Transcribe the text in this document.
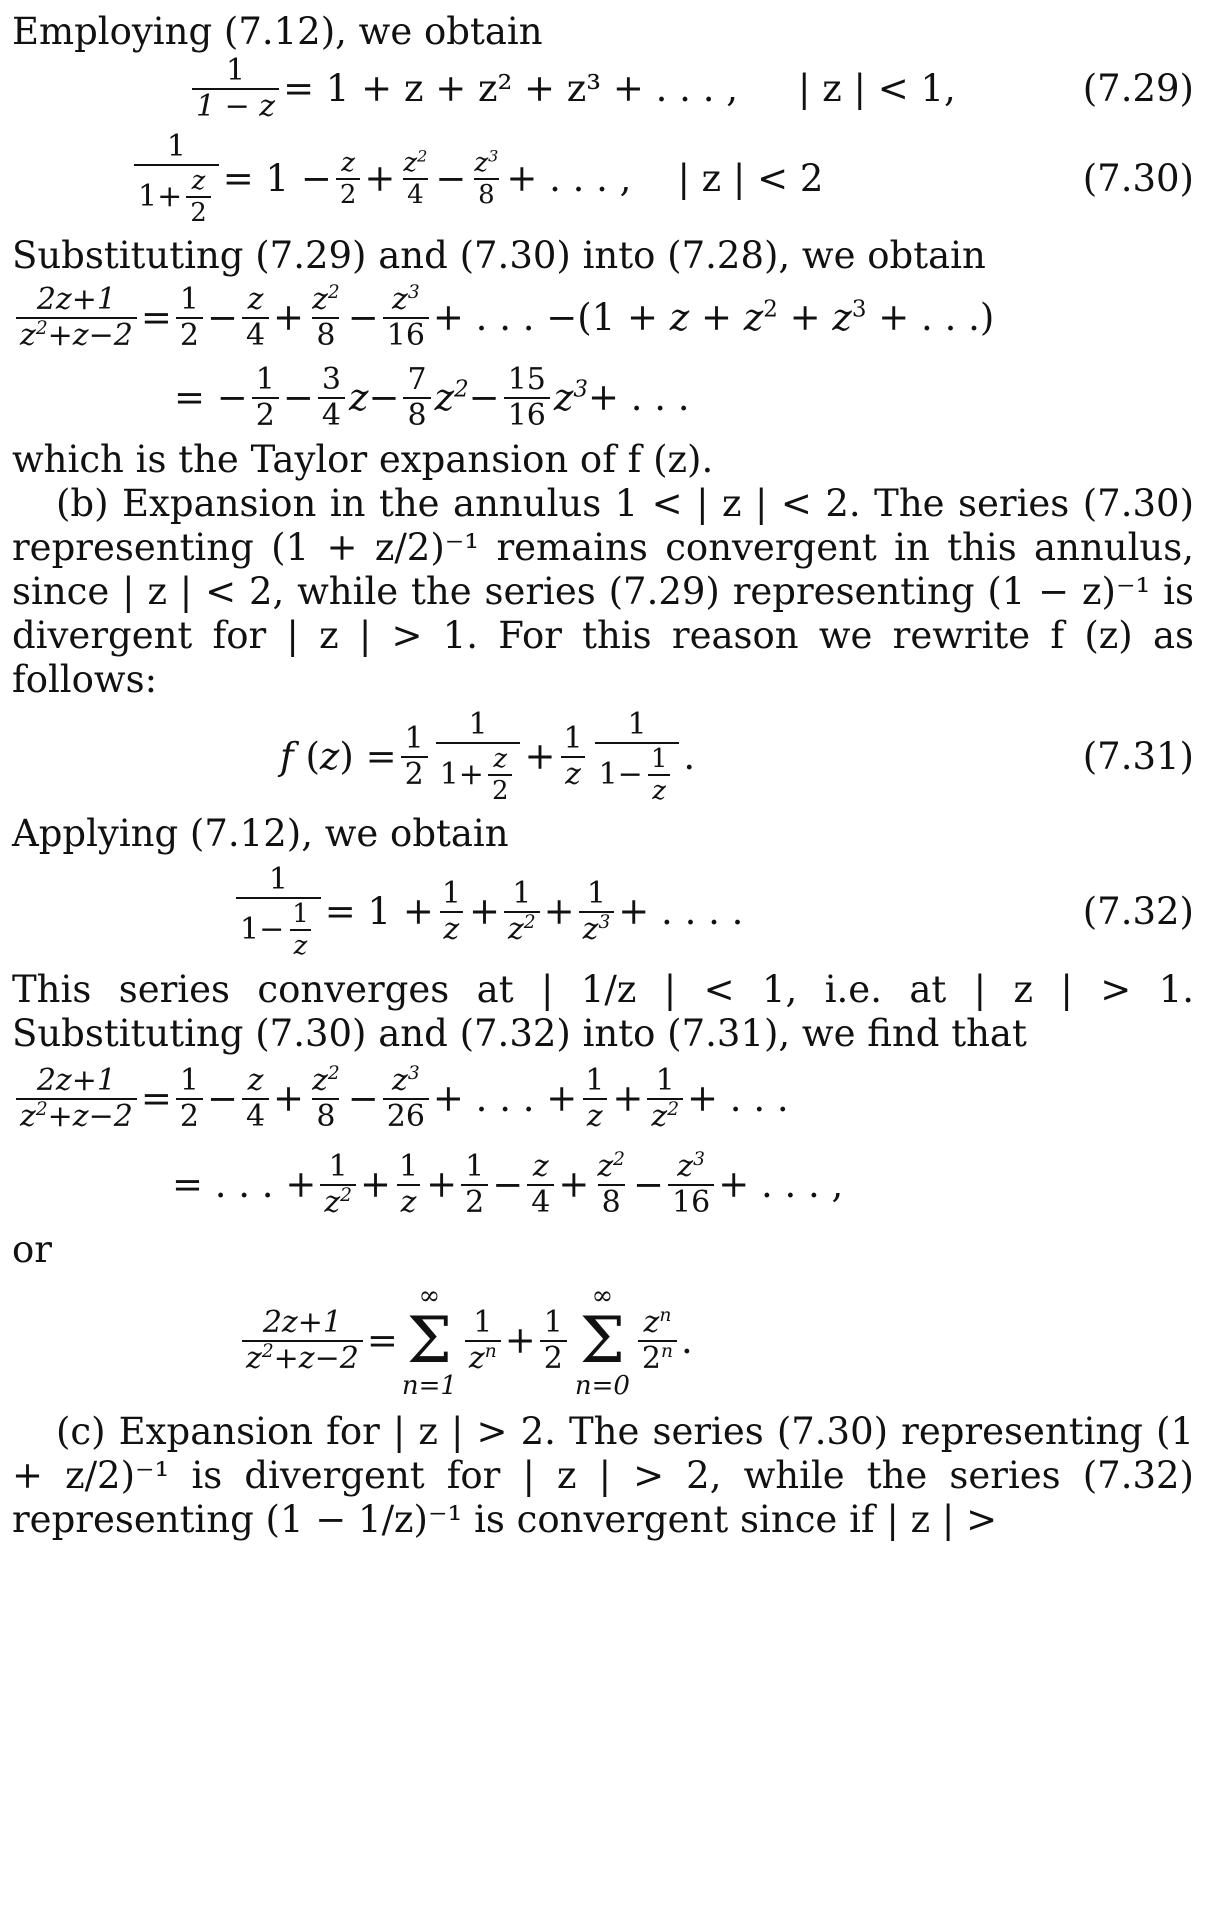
Employing (7.12), we obtain

$\frac{1}{1 - z} = 1 + z + z^2 + z^3$ + . . . , | z | < 1,	(7.29)
$\frac{1}{1+ \frac{z}{2}} = 1 - \frac{z}{2} + \frac{z^2}{4} - \frac{z^3}{8}$ + . . . , | z | < 2	(7.30)

Substituting (7.29) and (7.30) into (7.28), we obtain

$\frac{2z+1}{z^2+z-2} = \frac{1}{2} - \frac{z}{4} + \frac{z^2}{8} - \frac{z^3}{16}$ + . . . $-(1 + z + z^2 + z^3$ + . . .)
= − $\frac{1}{2} - \frac{3}{4}$ $z - \frac{7}{8} z^2 - \frac{15}{16} z^3$ + . . .

which is the Taylor expansion of f (z).

(b) Expansion in the annulus 1 < | z | < 2. The series (7.30) representing (1 + z/2)⁻¹ remains convergent in this annulus, since | z | < 2, while the series (7.29) representing (1 − z)⁻¹ is divergent for | z | > 1. For this reason we rewrite f (z) as follows:

f ( z ) = $\frac{1}{2} \frac{1}{1+ \frac{z}{2}} + \frac{1}{z} \frac{1}{1- \frac{1}{z}}$ .	(7.31)

Applying (7.12), we obtain

$\frac{1}{1- \frac{1}{z}} = 1 + \frac{1}{z} + \frac{1}{z^2} + \frac{1}{z^3}$ + . . . .	(7.32)

This series converges at | 1/z | < 1, i.e. at | z | > 1. Substituting (7.30) and (7.32) into (7.31), we find that

$\frac{2z+1}{z^2+z-2} = \frac{1}{2} - \frac{z}{4} + \frac{z^2}{8} - \frac{z^3}{26}$ + . . . + $\frac{1}{z} + \frac{1}{z^2}$ + . . .
= . . . + $\frac{1}{z^2} + \frac{1}{z} + \frac{1}{2} - \frac{z}{4} + \frac{z^2}{8} - \frac{z^3}{16}$ + . . . ,

or

$\frac{2z+1}{z^2+z-2}$ =
∞
Σ
n=1
$\frac{1}{z^n} + \frac{1}{2}$
∞
Σ
n=0
$\frac{z^n}{2^n}$ .

(c) Expansion for | z | > 2. The series (7.30) representing (1 + z/2)⁻¹ is divergent for | z | > 2, while the series (7.32) representing (1 − 1/z)⁻¹ is convergent since if | z | >
